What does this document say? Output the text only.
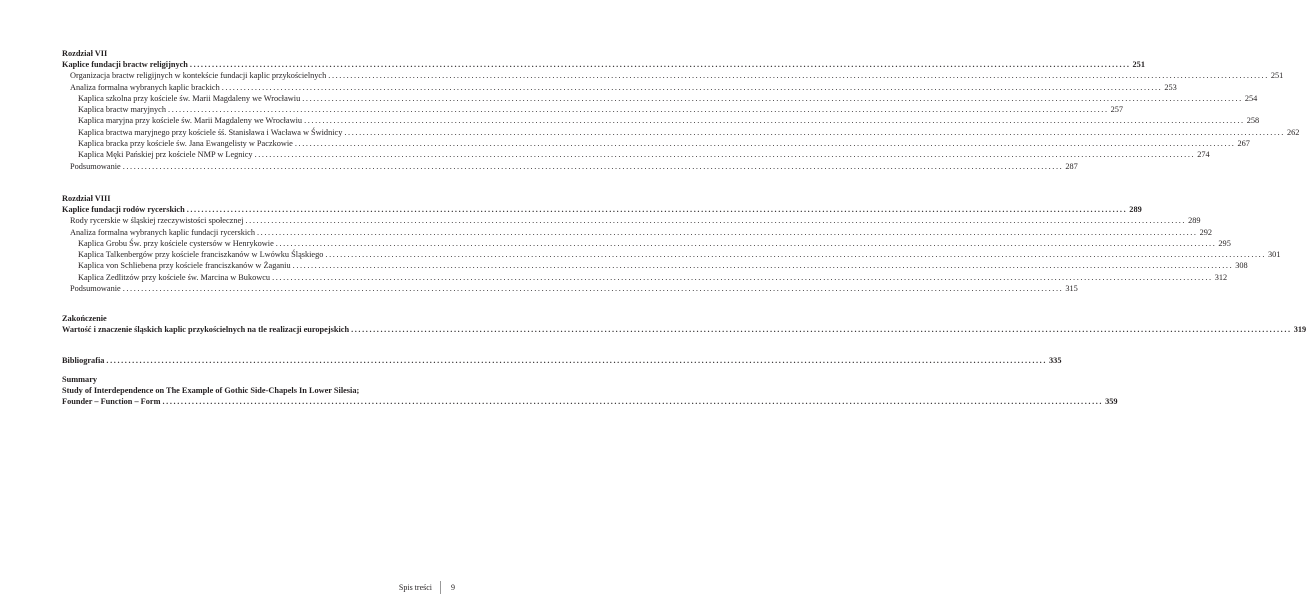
Rozdział VII

Kaplice fundacji bractw religijnych .....	251
Organizacja bractw religijnych w kontekście fundacji kaplic przykościelnych .....	251
Analiza formalna wybranych kaplic brackich .....	253
Kaplica szkolna przy kościele św. Marii Magdaleny we Wrocławiu .....	254
Kaplica bractw maryjnych .....	257
Kaplica maryjna przy kościele św. Marii Magdaleny we Wrocławiu .....	258
Kaplica bractwa maryjnego przy kościele śś. Stanisława i Wacława w Świdnicy .....	262
Kaplica bracka przy kościele św. Jana Ewangelisty w Paczkowie .....	267
Kaplica Męki Pańskiej prz kościele NMP w Legnicy .....	274
Podsumowanie .....	287

Rozdział VIII

Kaplice fundacji rodów rycerskich .....	289
Rody rycerskie w śląskiej rzeczywistości społecznej .....	289
Analiza formalna wybranych kaplic fundacji rycerskich .....	292
Kaplica Grobu Św. przy kościele cystersów w Henrykowie .....	295
Kaplica Talkenbergów przy kościele franciszkanów w Lwówku Śląskiego .....	301
Kaplica von Schliebena przy kościele franciszkanów w Żaganiu .....	308
Kaplica Zedlitzów przy kościele św. Marcina w Bukowcu .....	312
Podsumowanie .....	315

Zakończenie

Wartość i znaczenie śląskich kaplic przykościelnych na tle realizacji europejskich .....	319
Bibliografia .....	335

Summary

Study of Interdependence on The Example of Gothic Side-Chapels In Lower Silesia;

Founder – Function – Form .....	359
Spis treści 9
